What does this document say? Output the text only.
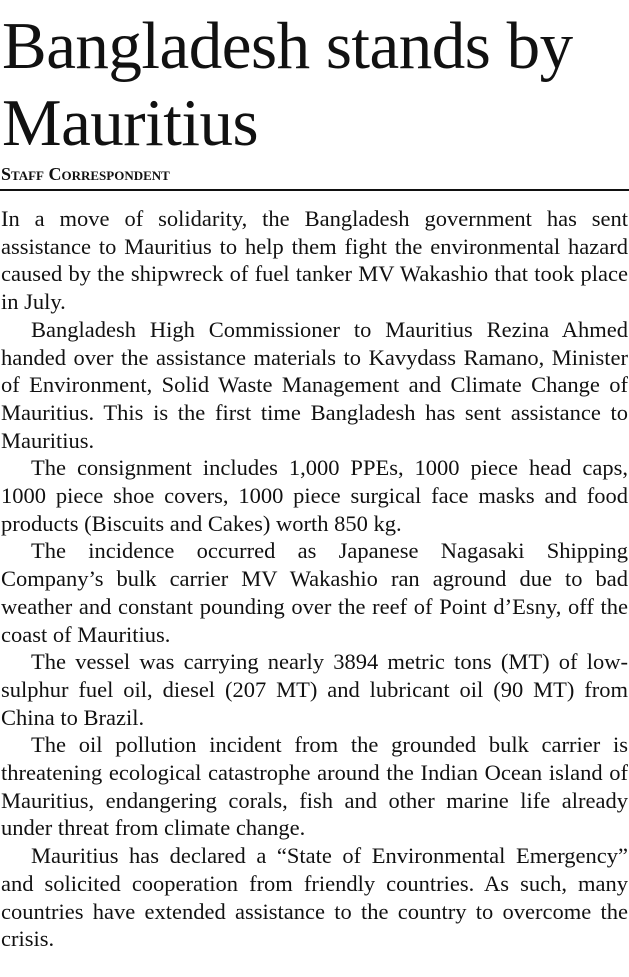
Bangladesh stands by Mauritius
Staff Correspondent

In a move of solidarity, the Bangladesh government has sent assistance to Mauritius to help them fight the environmental hazard caused by the shipwreck of fuel tanker MV Wakashio that took place in July.

Bangladesh High Commissioner to Mauritius Rezina Ahmed handed over the assistance materials to Kavydass Ramano, Minister of Environment, Solid Waste Management and Climate Change of Mauritius. This is the first time Bangladesh has sent assistance to Mauritius.

The consignment includes 1,000 PPEs, 1000 piece head caps, 1000 piece shoe covers, 1000 piece surgical face masks and food products (Biscuits and Cakes) worth 850 kg.

The incidence occurred as Japanese Nagasaki Shipping Company’s bulk carrier MV Wakashio ran aground due to bad weather and constant pounding over the reef of Point d’Esny, off the coast of Mauritius.

The vessel was carrying nearly 3894 metric tons (MT) of low-sulphur fuel oil, diesel (207 MT) and lubricant oil (90 MT) from China to Brazil.

The oil pollution incident from the grounded bulk carrier is threatening ecological catastrophe around the Indian Ocean island of Mauritius, endangering corals, fish and other marine life already under threat from climate change.

Mauritius has declared a “State of Environmental Emergency” and solicited cooperation from friendly countries. As such, many countries have extended assistance to the country to overcome the crisis.
